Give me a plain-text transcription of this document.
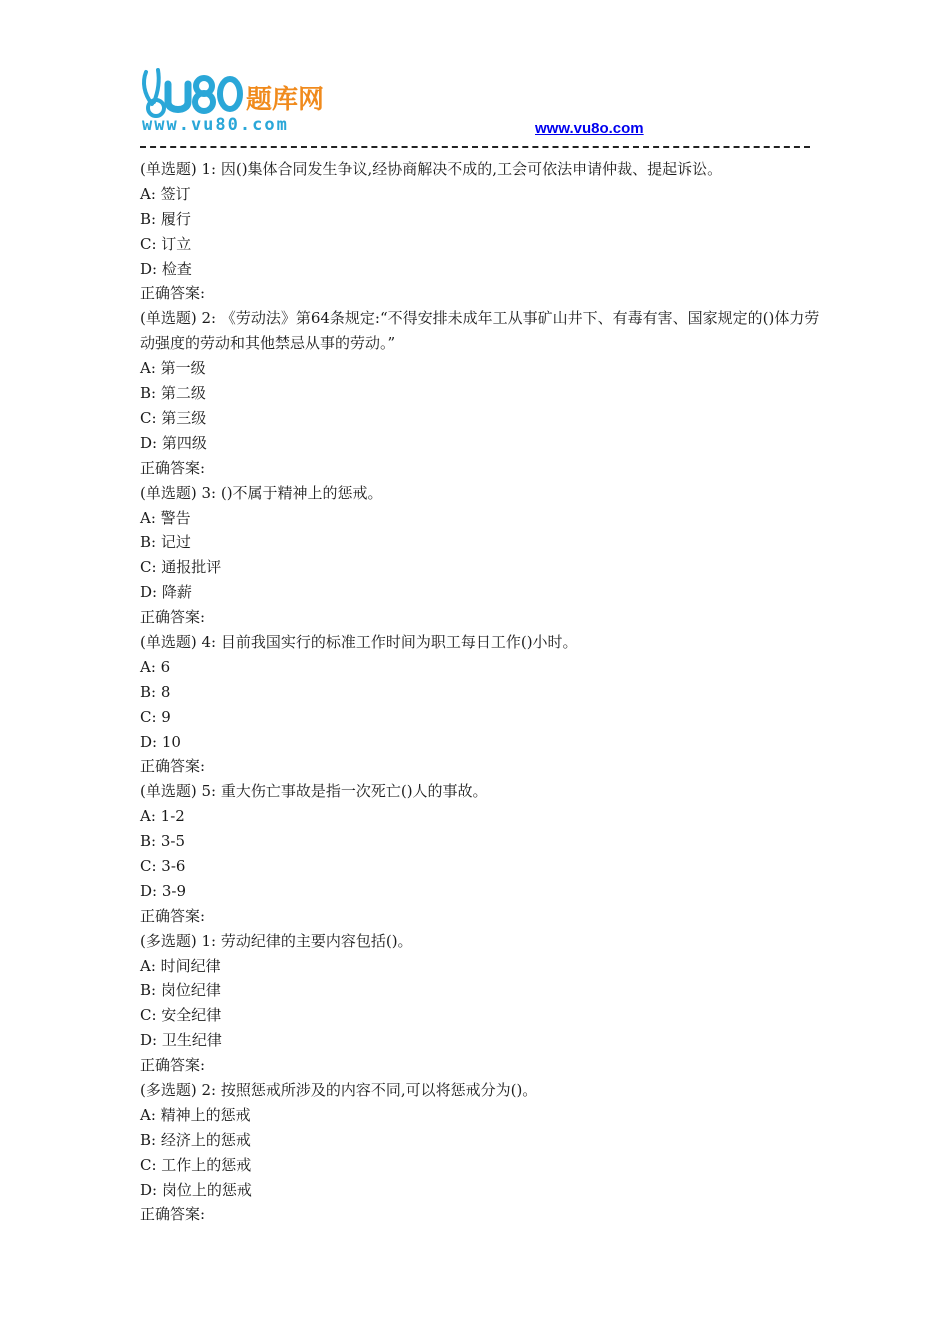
题库网
www.vu80.com	www.vu8o.com
(单选题) 1: 因()集体合同发生争议,经协商解决不成的,工会可依法申请仲裁、提起诉讼。
A: 签订
B: 履行
C: 订立
D: 检查
正确答案:
(单选题) 2: 《劳动法》第64条规定:“不得安排未成年工从事矿山井下、有毒有害、国家规定的()体力劳动强度的劳动和其他禁忌从事的劳动。”
A: 第一级
B: 第二级
C: 第三级
D: 第四级
正确答案:
(单选题) 3: ()不属于精神上的惩戒。
A: 警告
B: 记过
C: 通报批评
D: 降薪
正确答案:
(单选题) 4: 目前我国实行的标准工作时间为职工每日工作()小时。
A: 6
B: 8
C: 9
D: 10
正确答案:
(单选题) 5: 重大伤亡事故是指一次死亡()人的事故。
A: 1-2
B: 3-5
C: 3-6
D: 3-9
正确答案:
(多选题) 1: 劳动纪律的主要内容包括()。
A: 时间纪律
B: 岗位纪律
C: 安全纪律
D: 卫生纪律
正确答案:
(多选题) 2: 按照惩戒所涉及的内容不同,可以将惩戒分为()。
A: 精神上的惩戒
B: 经济上的惩戒
C: 工作上的惩戒
D: 岗位上的惩戒
正确答案:
